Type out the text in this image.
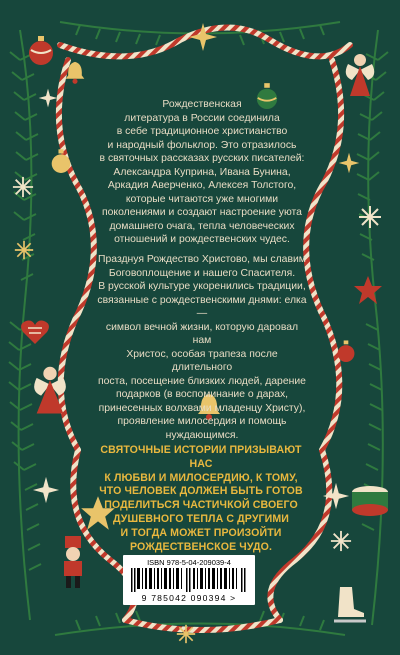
Рождественская
литература в России соединила
в себе традиционное христианство
и народный фольклор. Это отразилось
в святочных рассказах русских писателей:
Александра Куприна, Ивана Бунина,
Аркадия Аверченко, Алексея Толстого,
которые читаются уже многими
поколениями и создают настроение уюта
домашнего очага, тепла человеческих
отношений и рождественских чудес.

Празднуя Рождество Христово, мы славим
Боговоплощение и нашего Спасителя.
В русской культуре укоренились традиции,
связанные с рождественскими днями: елка —
символ вечной жизни, которую даровал нам
Христос, особая трапеза после длительного
поста, посещение близких людей, дарение
подарков (в воспоминание о дарах,
принесенных волхвами младенцу Христу),
проявление милосердия и помощь
нуждающимся.

СВЯТОЧНЫЕ ИСТОРИИ ПРИЗЫВАЮТ НАС
К ЛЮБВИ И МИЛОСЕРДИЮ, К ТОМУ,
ЧТО ЧЕЛОВЕК ДОЛЖЕН БЫТЬ ГОТОВ
ПОДЕЛИТЬСЯ ЧАСТИЧКОЙ СВОЕГО
ДУШЕВНОГО ТЕПЛА С ДРУГИМИ
И ТОГДА МОЖЕТ ПРОИЗОЙТИ
РОЖДЕСТВЕНСКОЕ ЧУДО.

ISBN 978-5-04-209039-4
9 785042 090394 >
